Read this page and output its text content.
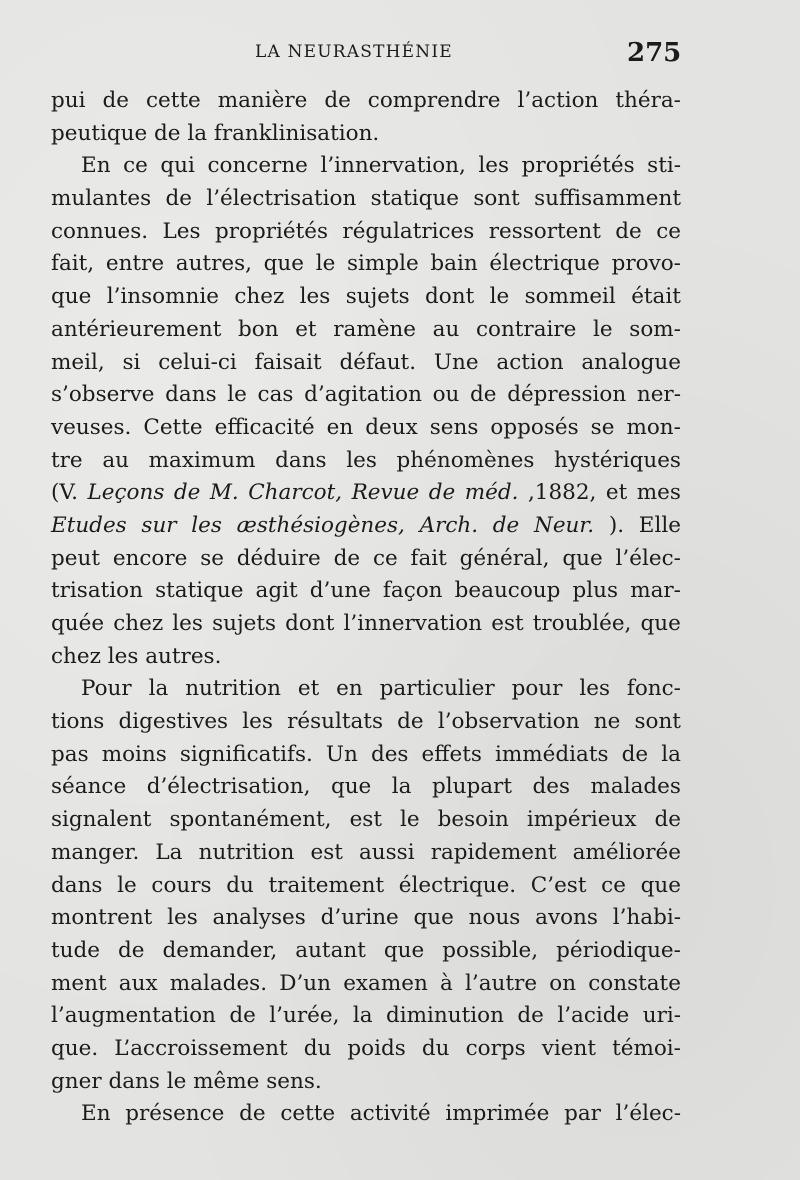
LA NEURASTHÉNIE	275
pui de cette manière de comprendre l’action théra-
peutique de la franklinisation.
En ce qui concerne l’innervation, les propriétés sti-
mulantes de l’électrisation statique sont suffisamment
connues. Les propriétés régulatrices ressortent de ce
fait, entre autres, que le simple bain électrique provo-
que l’insomnie chez les sujets dont le sommeil était
antérieurement bon et ramène au contraire le som-
meil, si celui-ci faisait défaut. Une action analogue
s’observe dans le cas d’agitation ou de dépression ner-
veuses. Cette efficacité en deux sens opposés se mon-
tre au maximum dans les phénomènes hystériques
(V. Leçons de M. Charcot, Revue de méd. ,1882, et mes
Etudes sur les æsthésiogènes, Arch. de Neur. ). Elle
peut encore se déduire de ce fait général, que l’élec-
trisation statique agit d’une façon beaucoup plus mar-
quée chez les sujets dont l’innervation est troublée, que
chez les autres.
Pour la nutrition et en particulier pour les fonc-
tions digestives les résultats de l’observation ne sont
pas moins significatifs. Un des effets immédiats de la
séance d’électrisation, que la plupart des malades
signalent spontanément, est le besoin impérieux de
manger. La nutrition est aussi rapidement améliorée
dans le cours du traitement électrique. C’est ce que
montrent les analyses d’urine que nous avons l’habi-
tude de demander, autant que possible, périodique-
ment aux malades. D’un examen à l’autre on constate
l’augmentation de l’urée, la diminution de l’acide uri-
que. L’accroissement du poids du corps vient témoi-
gner dans le même sens.
En présence de cette activité imprimée par l’élec-
